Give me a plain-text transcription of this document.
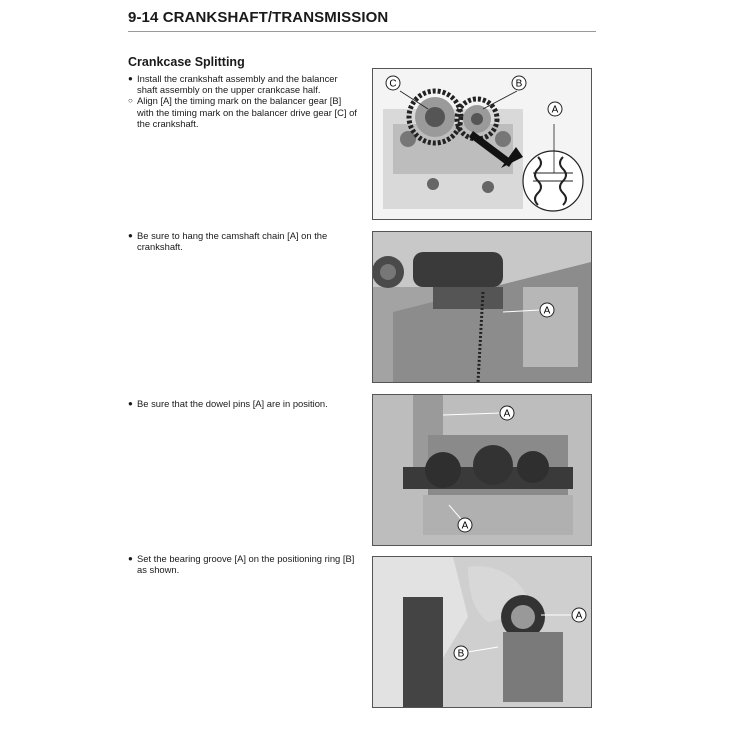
9-14 CRANKSHAFT/TRANSMISSION
Crankcase Splitting
● Install the crankshaft assembly and the balancer shaft assembly on the upper crankcase half.
○ Align [A] the timing mark on the balancer gear [B] with the timing mark on the balancer drive gear [C] of the crankshaft.
● Be sure to hang the camshaft chain [A] on the crankshaft.
● Be sure that the dowel pins [A] are in position.
● Set the bearing groove [A] on the positioning ring [B] as shown.
C	B
A
A
A
A
A
B
